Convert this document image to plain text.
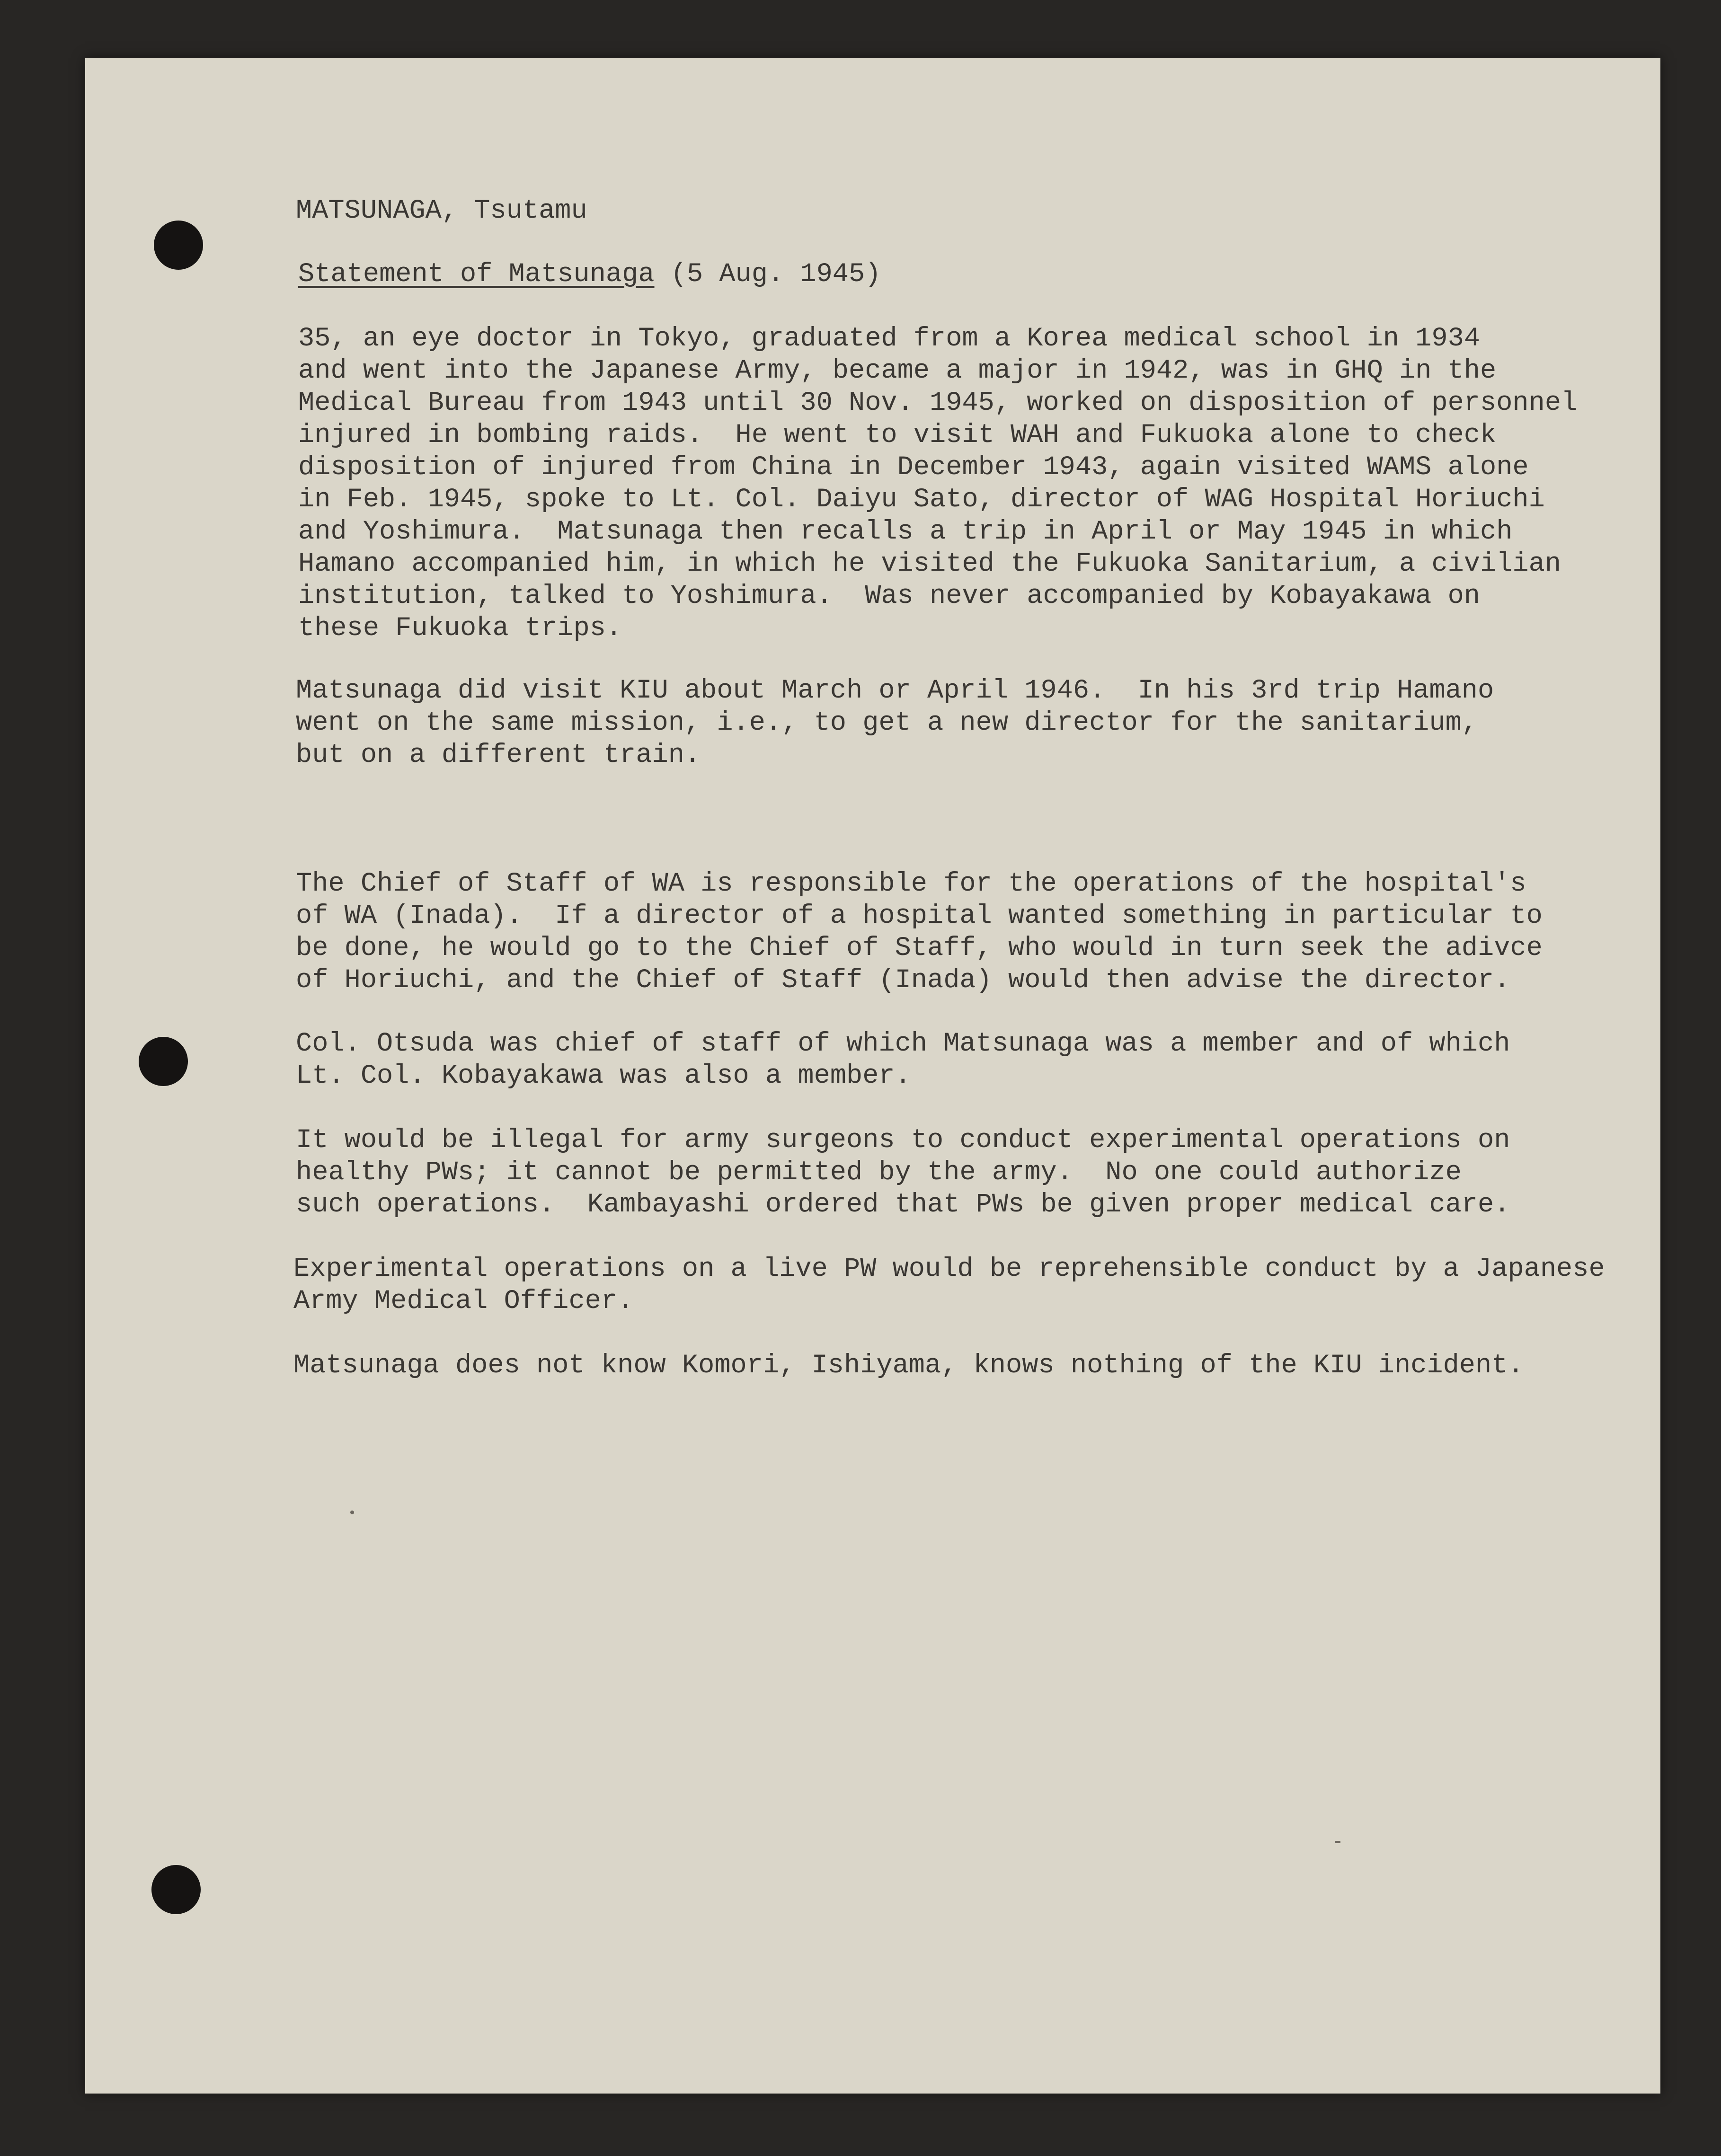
MATSUNAGA, Tsutamu
Statement of Matsunaga (5 Aug. 1945)
35, an eye doctor in Tokyo, graduated from a Korea medical school in 1934
and went into the Japanese Army, became a major in 1942, was in GHQ in the
Medical Bureau from 1943 until 30 Nov. 1945, worked on disposition of personnel
injured in bombing raids.  He went to visit WAH and Fukuoka alone to check
disposition of injured from China in December 1943, again visited WAMS alone
in Feb. 1945, spoke to Lt. Col. Daiyu Sato, director of WAG Hospital Horiuchi
and Yoshimura.  Matsunaga then recalls a trip in April or May 1945 in which
Hamano accompanied him, in which he visited the Fukuoka Sanitarium, a civilian
institution, talked to Yoshimura.  Was never accompanied by Kobayakawa on
these Fukuoka trips.
Matsunaga did visit KIU about March or April 1946.  In his 3rd trip Hamano
went on the same mission, i.e., to get a new director for the sanitarium,
but on a different train.
The Chief of Staff of WA is responsible for the operations of the hospital's
of WA (Inada).  If a director of a hospital wanted something in particular to
be done, he would go to the Chief of Staff, who would in turn seek the adivce
of Horiuchi, and the Chief of Staff (Inada) would then advise the director.
Col. Otsuda was chief of staff of which Matsunaga was a member and of which
Lt. Col. Kobayakawa was also a member.
It would be illegal for army surgeons to conduct experimental operations on
healthy PWs; it cannot be permitted by the army.  No one could authorize
such operations.  Kambayashi ordered that PWs be given proper medical care.
Experimental operations on a live PW would be reprehensible conduct by a Japanese
Army Medical Officer.
Matsunaga does not know Komori, Ishiyama, knows nothing of the KIU incident.
